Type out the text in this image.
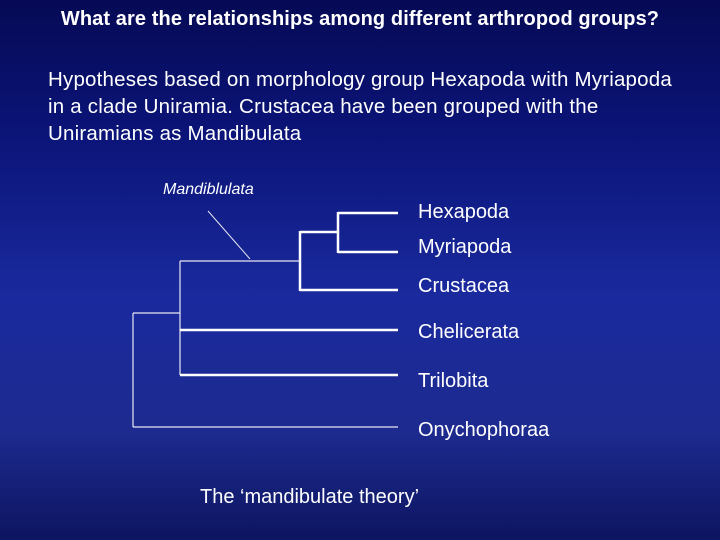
What are the relationships among different arthropod groups?
Hypotheses based on morphology group Hexapoda with Myriapoda in a clade Uniramia. Crustacea have been grouped with the Uniramians as Mandibulata
Mandiblulata
Hexapoda
Myriapoda
Crustacea
Chelicerata
Trilobita
Onychophoraa
The ‘mandibulate theory’
